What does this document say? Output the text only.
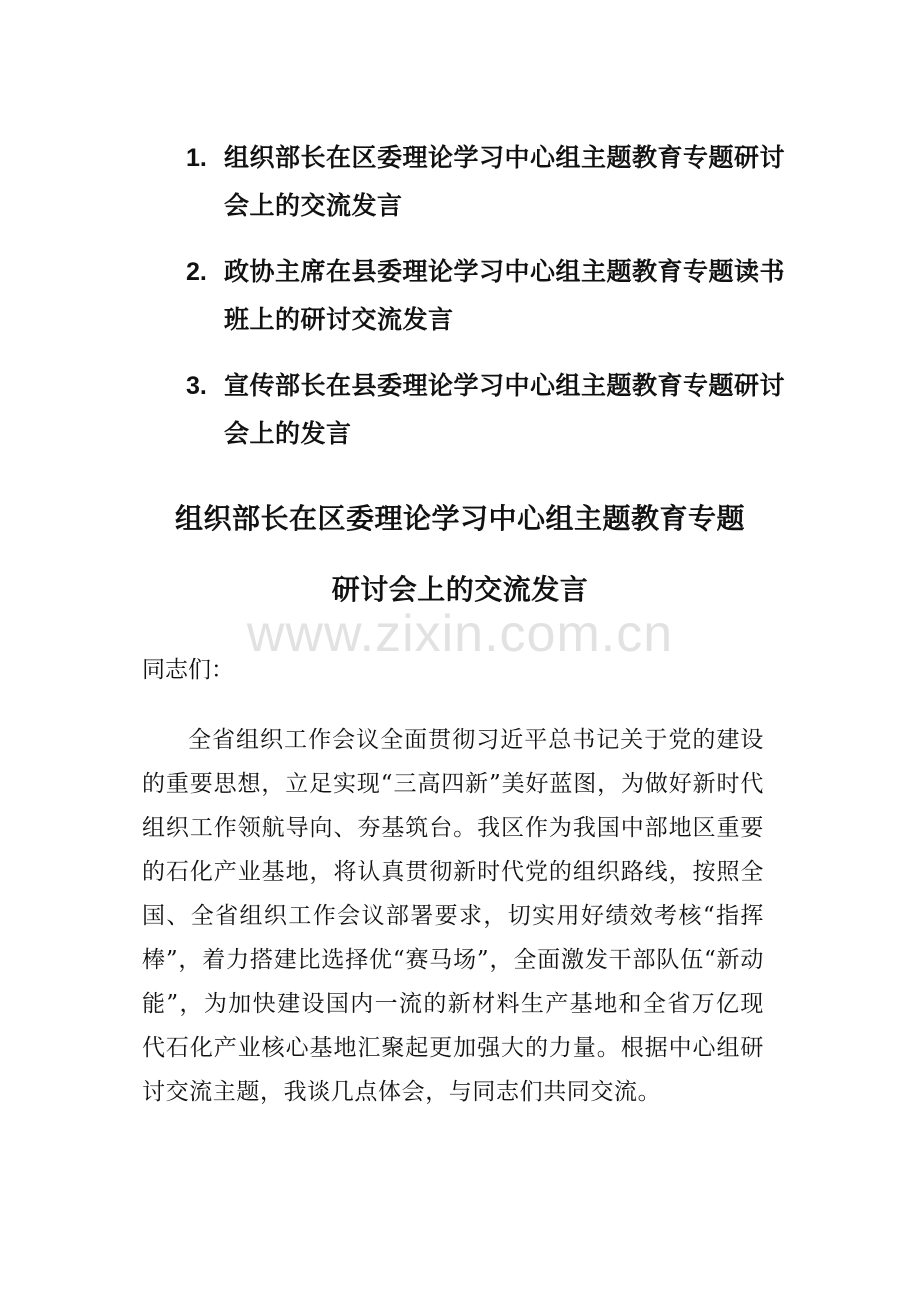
1. 组织部长在区委理论学习中心组主题教育专题研讨会上的交流发言
2. 政协主席在县委理论学习中心组主题教育专题读书班上的研讨交流发言
3. 宣传部长在县委理论学习中心组主题教育专题研讨会上的发言
组织部长在区委理论学习中心组主题教育专题
研讨会上的交流发言
www.zixin.com.cn
同志们：
全省组织工作会议全面贯彻习近平总书记关于党的建设的重要思想，立足实现“三高四新”美好蓝图，为做好新时代组织工作领航导向、夯基筑台。我区作为我国中部地区重要的石化产业基地，将认真贯彻新时代党的组织路线，按照全国、全省组织工作会议部署要求，切实用好绩效考核“指挥棒”，着力搭建比选择优“赛马场”，全面激发干部队伍“新动能”，为加快建设国内一流的新材料生产基地和全省万亿现代石化产业核心基地汇聚起更加强大的力量。根据中心组研讨交流主题，我谈几点体会，与同志们共同交流。
